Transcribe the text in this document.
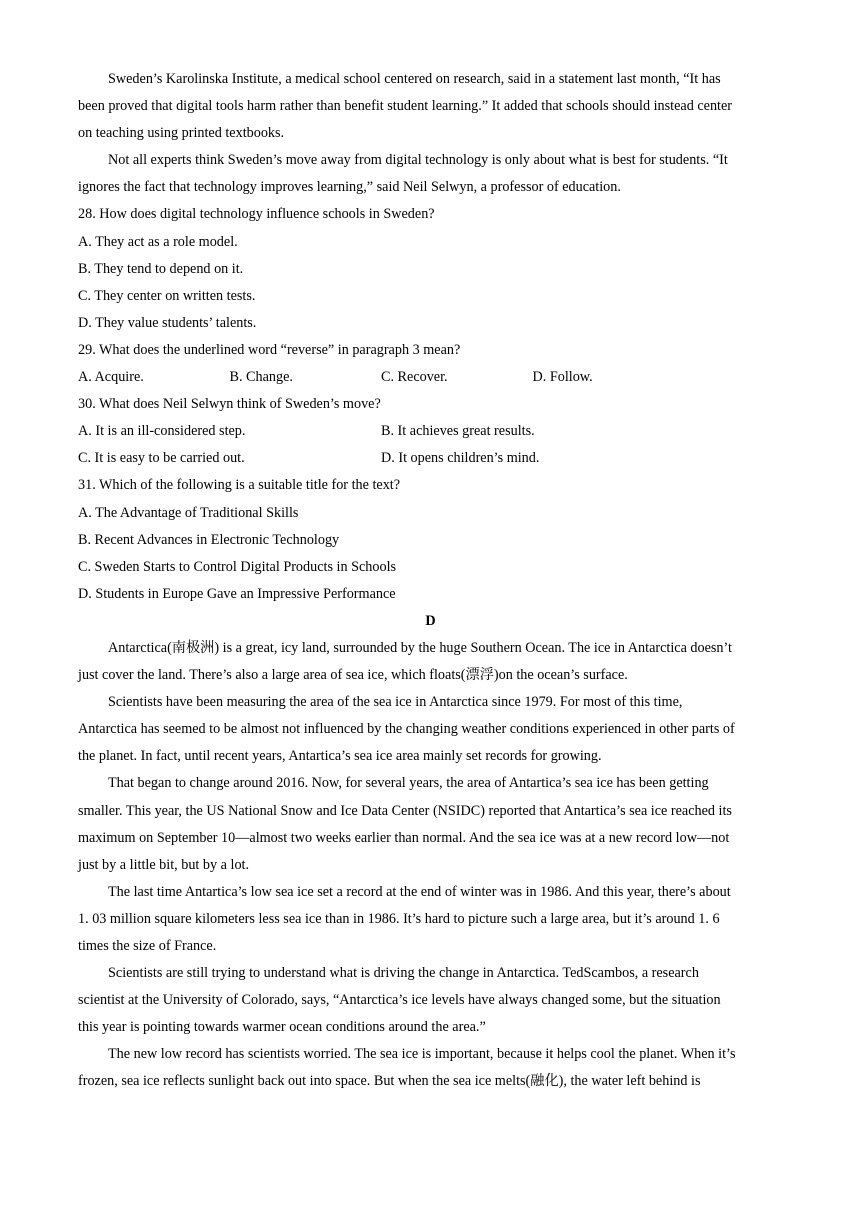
Sweden’s Karolinska Institute, a medical school centered on research, said in a statement last month, “It has
been proved that digital tools harm rather than benefit student learning.” It added that schools should instead center
on teaching using printed textbooks.
Not all experts think Sweden’s move away from digital technology is only about what is best for students. “It
ignores the fact that technology improves learning,” said Neil Selwyn, a professor of education.
28. How does digital technology influence schools in Sweden?
A. They act as a role model.
B. They tend to depend on it.
C. They center on written tests.
D. They value students’ talents.
29. What does the underlined word “reverse” in paragraph 3 mean?
A. Acquire.	B. Change.	C. Recover.	D. Follow.
30. What does Neil Selwyn think of Sweden’s move?
A. It is an ill-considered step.	B. It achieves great results.
C. It is easy to be carried out.	D. It opens children’s mind.
31. Which of the following is a suitable title for the text?
A. The Advantage of Traditional Skills
B. Recent Advances in Electronic Technology
C. Sweden Starts to Control Digital Products in Schools
D. Students in Europe Gave an Impressive Performance
D
Antarctica(南极洲) is a great, icy land, surrounded by the huge Southern Ocean. The ice in Antarctica doesn’t
just cover the land. There’s also a large area of sea ice, which floats(漂浮)on the ocean’s surface.
Scientists have been measuring the area of the sea ice in Antarctica since 1979. For most of this time,
Antarctica has seemed to be almost not influenced by the changing weather conditions experienced in other parts of
the planet. In fact, until recent years, Antartica’s sea ice area mainly set records for growing.
That began to change around 2016. Now, for several years, the area of Antartica’s sea ice has been getting
smaller. This year, the US National Snow and Ice Data Center (NSIDC) reported that Antartica’s sea ice reached its
maximum on September 10—almost two weeks earlier than normal. And the sea ice was at a new record low—not
just by a little bit, but by a lot.
The last time Antartica’s low sea ice set a record at the end of winter was in 1986. And this year, there’s about
1. 03 million square kilometers less sea ice than in 1986. It’s hard to picture such a large area, but it’s around 1. 6
times the size of France.
Scientists are still trying to understand what is driving the change in Antarctica. TedScambos, a research
scientist at the University of Colorado, says, “Antarctica’s ice levels have always changed some, but the situation
this year is pointing towards warmer ocean conditions around the area.”
The new low record has scientists worried. The sea ice is important, because it helps cool the planet. When it’s
frozen, sea ice reflects sunlight back out into space. But when the sea ice melts(融化), the water left behind is
